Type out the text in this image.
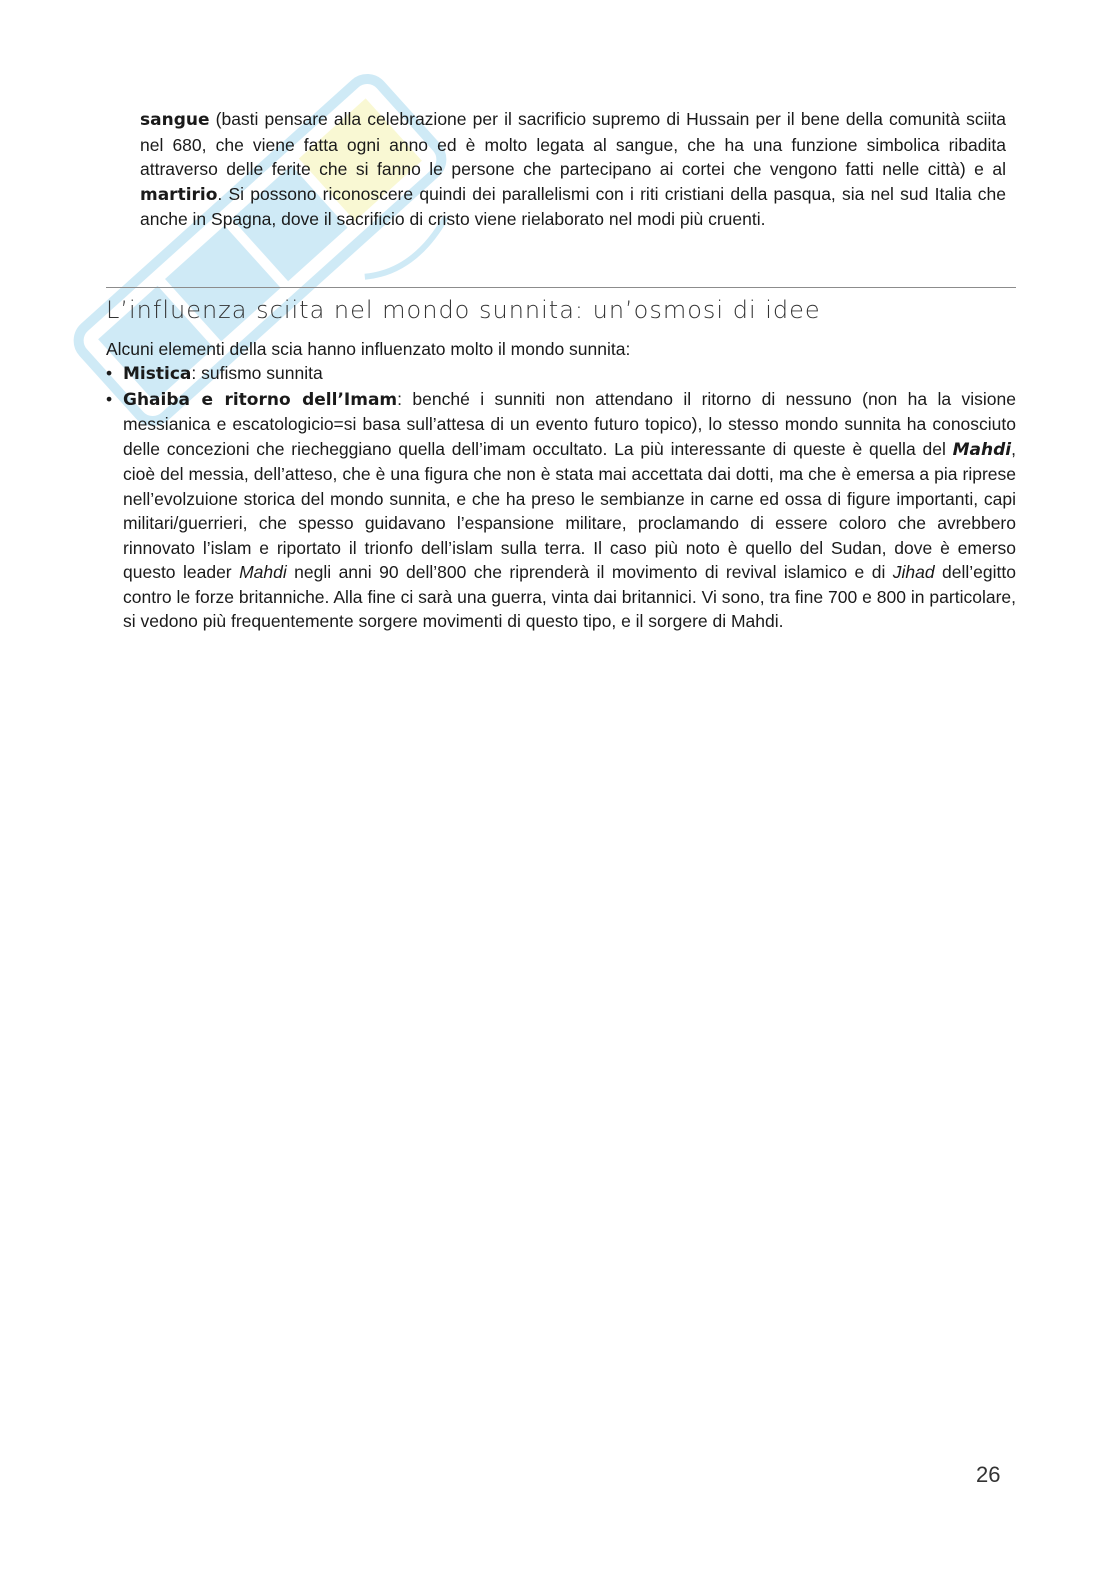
sangue (basti pensare alla celebrazione per il sacrificio supremo di Hussain per il bene della comunità sciita nel 680, che viene fatta ogni anno ed è molto legata al sangue, che ha una funzione simbolica ribadita attraverso delle ferite che si fanno le persone che partecipano ai cortei che vengono fatti nelle città) e al martirio. Si possono riconoscere quindi dei parallelismi con i riti cristiani della pasqua, sia nel sud Italia che anche in Spagna, dove il sacrificio di cristo viene rielaborato nel modi più cruenti.

L’influenza sciita nel mondo sunnita: un’osmosi di idee
Alcuni elementi della scia hanno influenzato molto il mondo sunnita:
• Mistica: sufismo sunnita
• Ghaiba e ritorno dell’Imam: benché i sunniti non attendano il ritorno di nessuno (non ha la visione messianica e escatologicio=si basa sull’attesa di un evento futuro topico), lo stesso mondo sunnita ha conosciuto delle concezioni che riecheggiano quella dell’imam occultato. La più interessante di queste è quella del Mahdi, cioè del messia, dell’atteso, che è una figura che non è stata mai accettata dai dotti, ma che è emersa a pia riprese nell’evolzuione storica del mondo sunnita, e che ha preso le sembianze in carne ed ossa di figure importanti, capi militari/guerrieri, che spesso guidavano l’espansione militare, proclamando di essere coloro che avrebbero rinnovato l’islam e riportato il trionfo dell’islam sulla terra. Il caso più noto è quello del Sudan, dove è emerso questo leader Mahdi negli anni 90 dell’800 che riprenderà il movimento di revival islamico e di Jihad dell’egitto contro le forze britanniche. Alla fine ci sarà una guerra, vinta dai britannici. Vi sono, tra fine 700 e 800 in particolare, si vedono più frequentemente sorgere movimenti di questo tipo, e il sorgere di Mahdi.
26
